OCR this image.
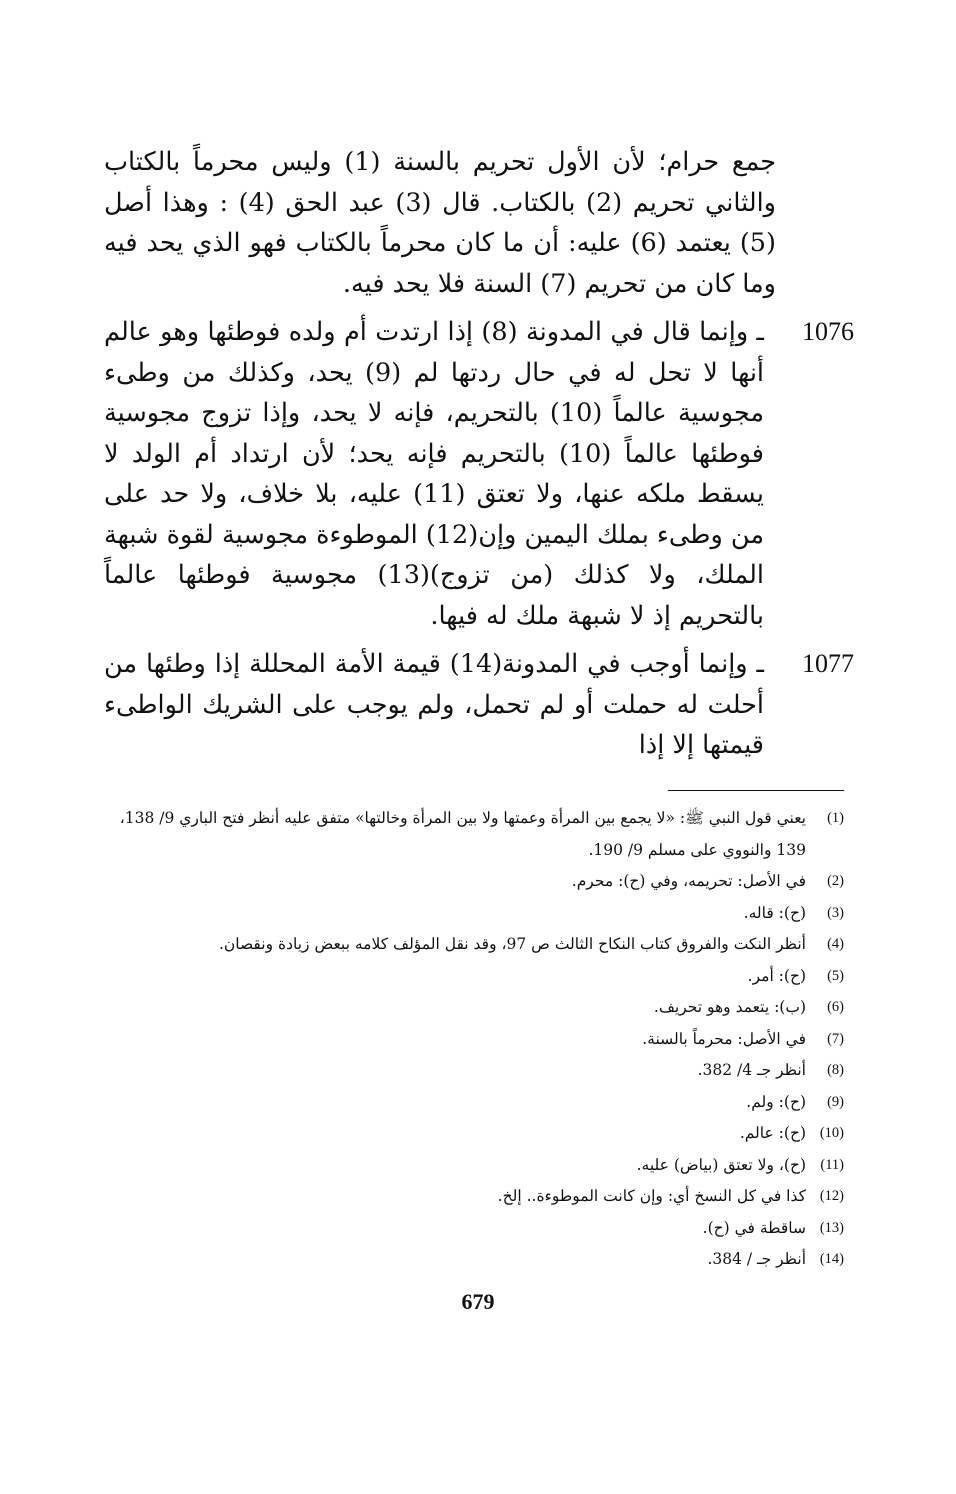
جمع حرام؛ لأن الأول تحريم بالسنة (1) وليس محرماً بالكتاب والثاني تحريم (2) بالكتاب. قال (3) عبد الحق (4) : وهذا أصل (5) يعتمد (6) عليه: أن ما كان محرماً بالكتاب فهو الذي يحد فيه وما كان من تحريم (7) السنة فلا يحد فيه.

1076
ـ وإنما قال في المدونة (8) إذا ارتدت أم ولده فوطئها وهو عالم أنها لا تحل له في حال ردتها لم (9) يحد، وكذلك من وطىء مجوسية عالماً (10) بالتحريم، فإنه لا يحد، وإذا تزوج مجوسية فوطئها عالماً (10) بالتحريم فإنه يحد؛ لأن ارتداد أم الولد لا يسقط ملكه عنها، ولا تعتق (11) عليه، بلا خلاف، ولا حد على من وطىء بملك اليمين وإن(12) الموطوءة مجوسية لقوة شبهة الملك، ولا كذلك (من تزوج)(13) مجوسية فوطئها عالماً بالتحريم إذ لا شبهة ملك له فيها.

1077
ـ وإنما أوجب في المدونة(14) قيمة الأمة المحللة إذا وطئها من أحلت له حملت أو لم تحمل، ولم يوجب على الشريك الواطىء قيمتها إلا إذا

(1)
يعني قول النبي ﷺ: «لا يجمع بين المرأة وعمتها ولا بين المرأة وخالتها» متفق عليه أنظر فتح الباري 9/ 138، 139 والنووي على مسلم 9/ 190.
(2)
في الأصل: تحريمه، وفي (ح): محرم.
(3)
(ح): قاله.
(4)
أنظر النكت والفروق كتاب النكاح الثالث ص 97، وقد نقل المؤلف كلامه ببعض زيادة ونقصان.
(5)
(ح): أمر.
(6)
(ب): يتعمد وهو تحريف.
(7)
في الأصل: محرماً بالسنة.
(8)
أنظر جـ 4/ 382.
(9)
(ح): ولم.
(10)
(ح): عالم.
(11)
(ح)، ولا تعتق (بياض) عليه.
(12)
كذا في كل النسخ أي: وإن كانت الموطوءة.. إلخ.
(13)
ساقطة في (ح).
(14)
أنظر جـ / 384.
679
